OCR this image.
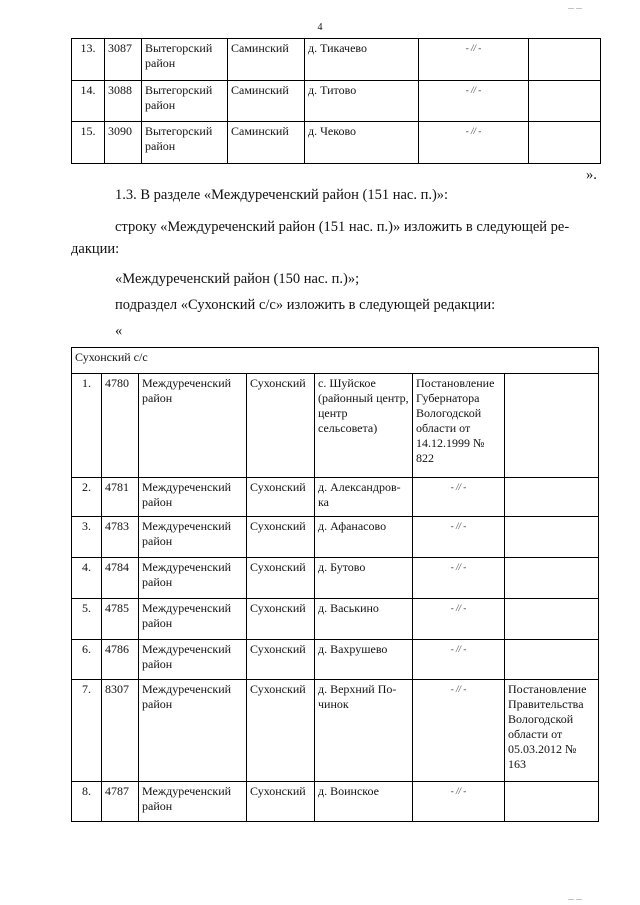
4
... ...
... ...
13.	3087	Вытегорский район	Саминский	д. Тикачево	- // -	
14.	3088	Вытегорский район	Саминский	д. Титово	- // -	
15.	3090	Вытегорский район	Саминский	д. Чеково	- // -	
».
1.3. В разделе «Междуреченский район (151 нас. п.)»:
строку «Междуреченский район (151 нас. п.)» изложить в следующей ре-
дакции:
«Междуреченский район (150 нас. п.)»;
подраздел «Сухонский с/с» изложить в следующей редакции:
«
Сухонский с/с						
1.	4780	Междуреченский район	Сухонский	с. Шуйское (районный центр, центр сельсовета)	Постановление Губернатора Вологодской области от 14.12.1999 № 822	
2.	4781	Междуреченский район	Сухонский	д. Александров-ка	- // -	
3.	4783	Междуреченский район	Сухонский	д. Афанасово	- // -	
4.	4784	Междуреченский район	Сухонский	д. Бутово	- // -	
5.	4785	Междуреченский район	Сухонский	д. Васькино	- // -	
6.	4786	Междуреченский район	Сухонский	д. Вахрушево	- // -	
7.	8307	Междуреченский район	Сухонский	д. Верхний По-чинок	- // -	Постановление Правительства Вологодской области от 05.03.2012 № 163
8.	4787	Междуреченский район	Сухонский	д. Воинское	- // -	
